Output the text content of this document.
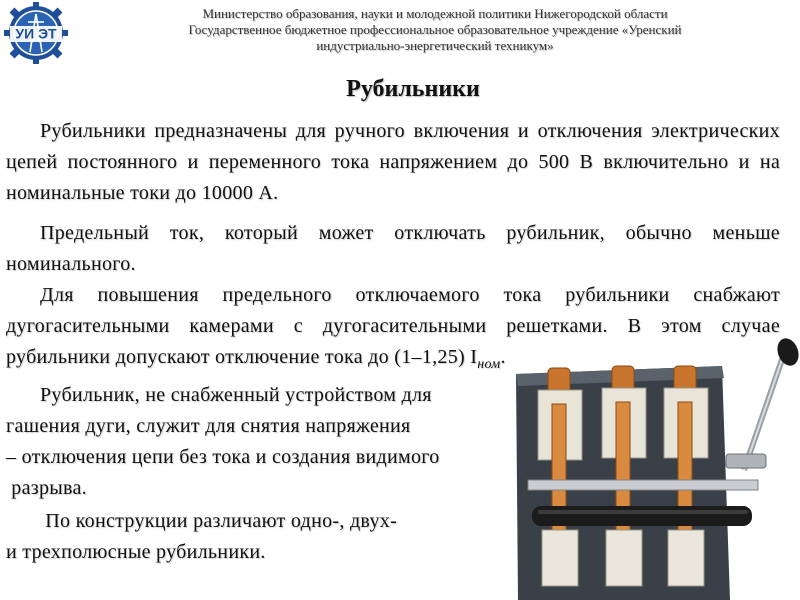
УИ ЭТ
Министерство образования, науки и молодежной политики Нижегородской области
Государственное бюджетное профессиональное образовательное учреждение «Уренский
индустриально-энергетический техникум»
Рубильники

Рубильники предназначены для ручного включения и отключения электрических цепей постоянного и переменного тока напряжением до 500 В включительно и на номинальные токи до 10000 А.

Предельный ток, который может отключать рубильник, обычно меньше номинального.

Для повышения предельного отключаемого тока рубильники снабжают дугогасительными камерами с дугогасительными решетками. В этом случае рубильники допускают отключение тока до (1–1,25) $I_{ном}$.

Рубильник, не снабженный устройством для
гашения дуги, служит для снятия напряжения
– отключения цепи без тока и создания видимого
разрыва.
По конструкции различают одно-, двух-
и трехполюсные рубильники.
